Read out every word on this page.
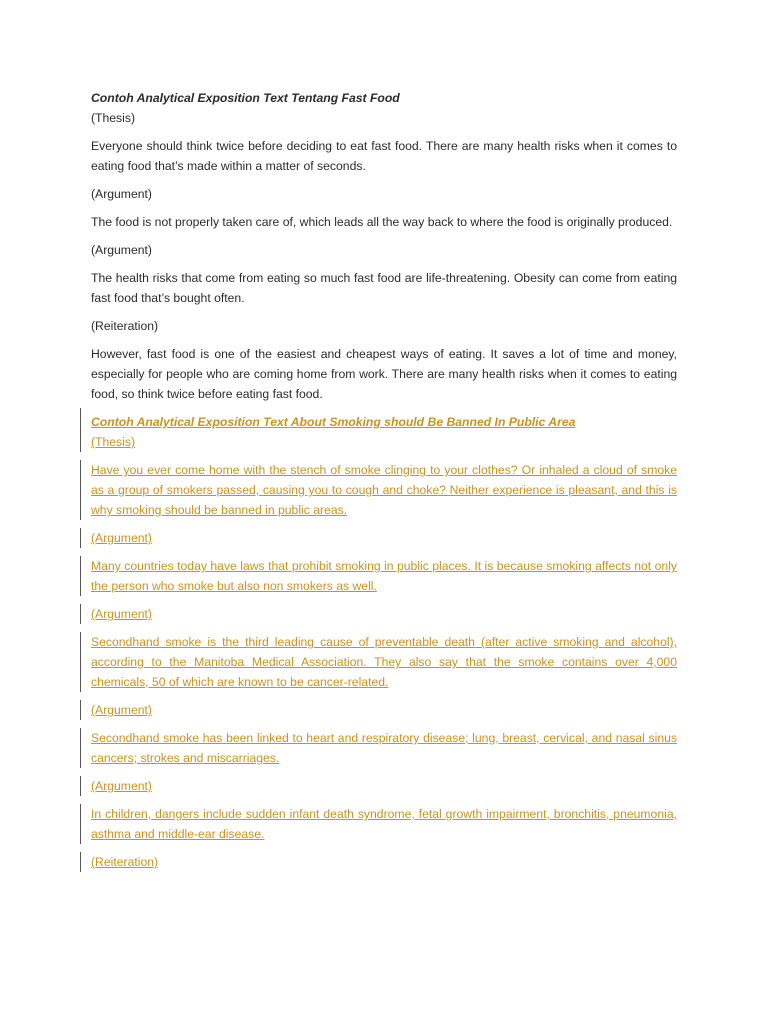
Contoh Analytical Exposition Text Tentang Fast Food

(Thesis)

Everyone should think twice before deciding to eat fast food. There are many health risks when it comes to eating food that’s made within a matter of seconds.

(Argument)

The food is not properly taken care of, which leads all the way back to where the food is originally produced.

(Argument)

The health risks that come from eating so much fast food are life-threatening. Obesity can come from eating fast food that’s bought often.

(Reiteration)

However, fast food is one of the easiest and cheapest ways of eating. It saves a lot of time and money, especially for people who are coming home from work. There are many health risks when it comes to eating food, so think twice before eating fast food.

Contoh Analytical Exposition Text About Smoking should Be Banned In Public Area

(Thesis)

Have you ever come home with the stench of smoke clinging to your clothes? Or inhaled a cloud of smoke as a group of smokers passed, causing you to cough and choke? Neither experience is pleasant, and this is why smoking should be banned in public areas.

(Argument)

Many countries today have laws that prohibit smoking in public places. It is because smoking affects not only the person who smoke but also non smokers as well.

(Argument)

Secondhand smoke is the third leading cause of preventable death (after active smoking and alcohol), according to the Manitoba Medical Association. They also say that the smoke contains over 4,000 chemicals, 50 of which are known to be cancer-related.

(Argument)

Secondhand smoke has been linked to heart and respiratory disease; lung, breast, cervical, and nasal sinus cancers; strokes and miscarriages.

(Argument)

In children, dangers include sudden infant death syndrome, fetal growth impairment, bronchitis, pneumonia, asthma and middle-ear disease.

(Reiteration)
